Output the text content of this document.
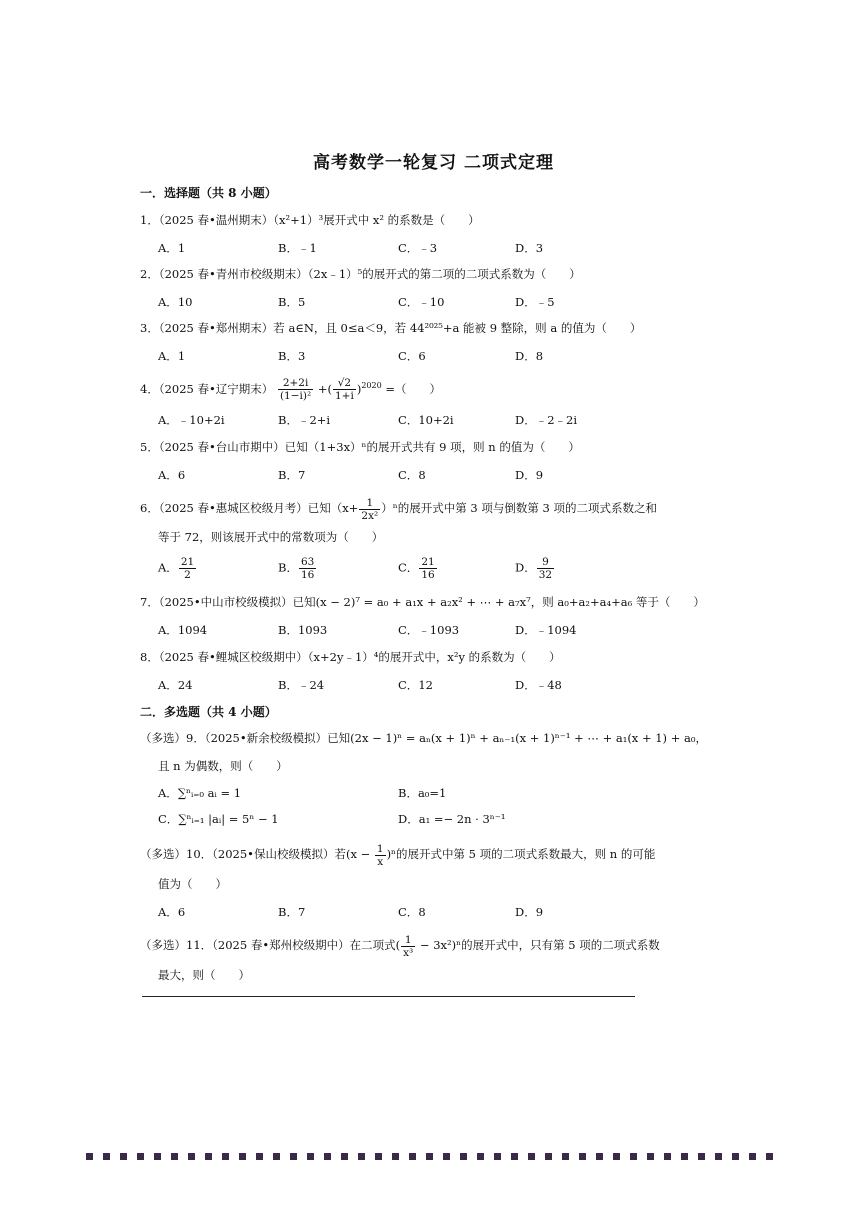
高考数学一轮复习 二项式定理
一．选择题（共 8 小题）
1．（2025 春•温州期末）（x²+1）³展开式中 x² 的系数是（　　）
A．1	B．﹣1	C．﹣3	D．3
2．（2025 春•青州市校级期末）（2x﹣1）⁵的展开式的第二项的二项式系数为（　　）
A．10	B．5	C．﹣10	D．﹣5
3．（2025 春•郑州期末）若 a∈N，且 0≤a＜9，若 44²⁰²⁵+a 能被 9 整除，则 a 的值为（　　）
A．1	B．3	C．6	D．8
4．（2025 春•辽宁期末） $\frac{2+2i}{\text{(1−i)²}}$ +( $\frac{√2}{1+i} )^{2020}$ =（　　）
A．﹣10+2i	B．﹣2+i	C．10+2i	D．﹣2﹣2i
5．（2025 春•台山市期中）已知（1+3x）ⁿ的展开式共有 9 项，则 n 的值为（　　）
A．6	B．7	C．8	D．9
6．（2025 春•惠城区校级月考）已知$(x+ \frac{1}{\text{2x²}} )^n$的展开式中第 3 项与倒数第 3 项的二项式系数之和
等于 72，则该展开式中的常数项为（　　）
A． $\frac{21}{2}$	B． $\frac{63}{16}$	C． $\frac{21}{16}$	D． $\frac{9}{32}$
7．（2025•中山市校级模拟）已知(x − 2)⁷ = a₀ + a₁x + a₂x² + ⋯ + a₇x⁷，则 a₀+a₂+a₄+a₆ 等于（　　）
A．1094	B．1093	C．﹣1093	D．﹣1094
8．（2025 春•鲤城区校级期中）（x+2y﹣1）⁴的展开式中，x²y 的系数为（　　）
A．24	B．﹣24	C．12	D．﹣48
二．多选题（共 4 小题）
（多选）9．（2025•新余校级模拟）已知(2x − 1)ⁿ = aₙ(x + 1)ⁿ + aₙ₋₁(x + 1)ⁿ⁻¹ + ⋯ + a₁(x + 1) + a₀，
且 n 为偶数，则（　　）
A．∑ⁿᵢ₌₀ aᵢ = 1	B．a₀=1
C．∑ⁿᵢ₌₁ |aᵢ| = 5ⁿ − 1	D．a₁ =− 2n · 3ⁿ⁻¹
（多选）10．（2025•保山校级模拟）若$(x - \frac{1}{x} )^n$的展开式中第 5 项的二项式系数最大，则 n 的可能
值为（　　）
A．6	B．7	C．8	D．9
（多选）11．（2025 春•郑州校级期中）在二项式( $\frac{1}{\text{x³}} - 3x^2)^n$的展开式中，只有第 5 项的二项式系数
最大，则（　　）
